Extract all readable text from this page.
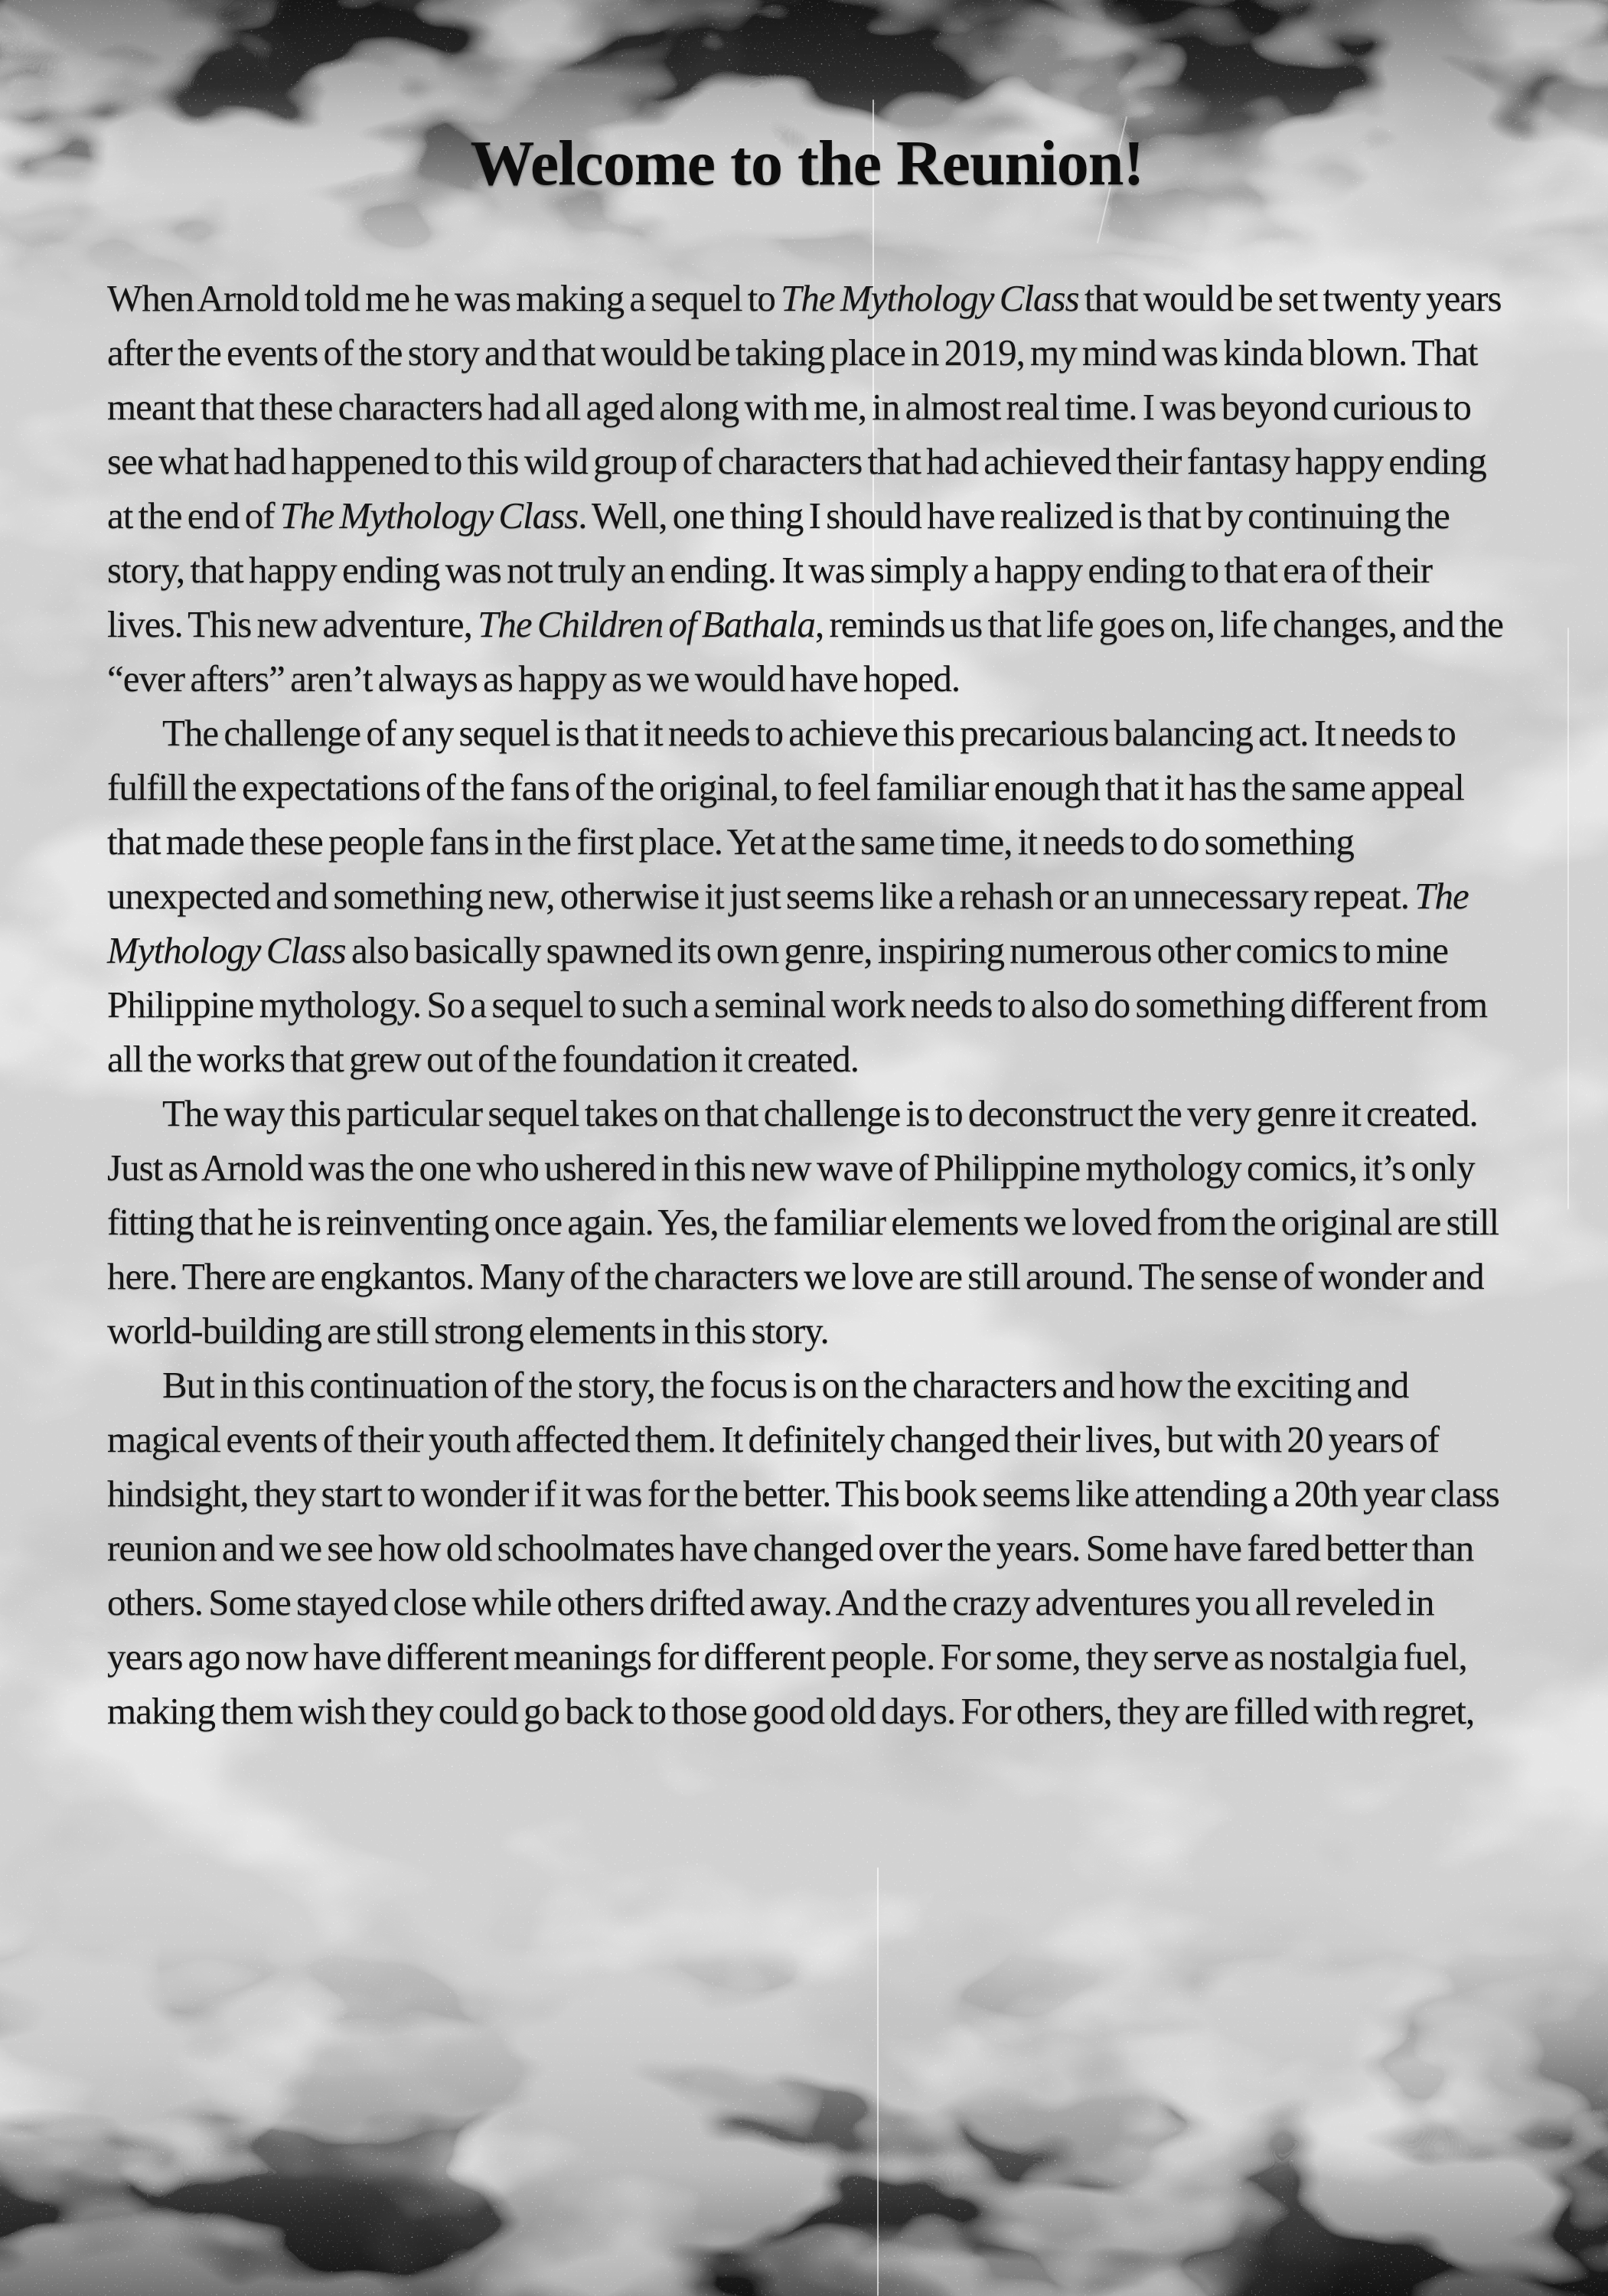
Welcome to the Reunion!

When Arnold told me he was making a sequel to The Mythology Class that would be set twenty years after the events of the story and that would be taking place in 2019, my mind was kinda blown. That meant that these characters had all aged along with me, in almost real time. I was beyond curious to see what had happened to this wild group of characters that had achieved their fantasy happy ending at the end of The Mythology Class. Well, one thing I should have realized is that by continuing the story, that happy ending was not truly an ending. It was simply a happy ending to that era of their lives. This new adventure, The Children of Bathala, reminds us that life goes on, life changes, and the “ever afters” aren’t always as happy as we would have hoped.

The challenge of any sequel is that it needs to achieve this precarious balancing act. It needs to fulfill the expectations of the fans of the original, to feel familiar enough that it has the same appeal that made these people fans in the first place. Yet at the same time, it needs to do something unexpected and something new, otherwise it just seems like a rehash or an unnecessary repeat. The Mythology Class also basically spawned its own genre, inspiring numerous other comics to mine Philippine mythology. So a sequel to such a seminal work needs to also do something different from all the works that grew out of the foundation it created.

The way this particular sequel takes on that challenge is to deconstruct the very genre it created. Just as Arnold was the one who ushered in this new wave of Philippine mythology comics, it’s only fitting that he is reinventing once again. Yes, the familiar elements we loved from the original are still here. There are engkantos. Many of the characters we love are still around. The sense of wonder and world-building are still strong elements in this story.

But in this continuation of the story, the focus is on the characters and how the exciting and magical events of their youth affected them. It definitely changed their lives, but with 20 years of hindsight, they start to wonder if it was for the better. This book seems like attending a 20th year class reunion and we see how old schoolmates have changed over the years. Some have fared better than others. Some stayed close while others drifted away. And the crazy adventures you all reveled in years ago now have different meanings for different people. For some, they serve as nostalgia fuel, making them wish they could go back to those good old days. For others, they are filled with regret,
